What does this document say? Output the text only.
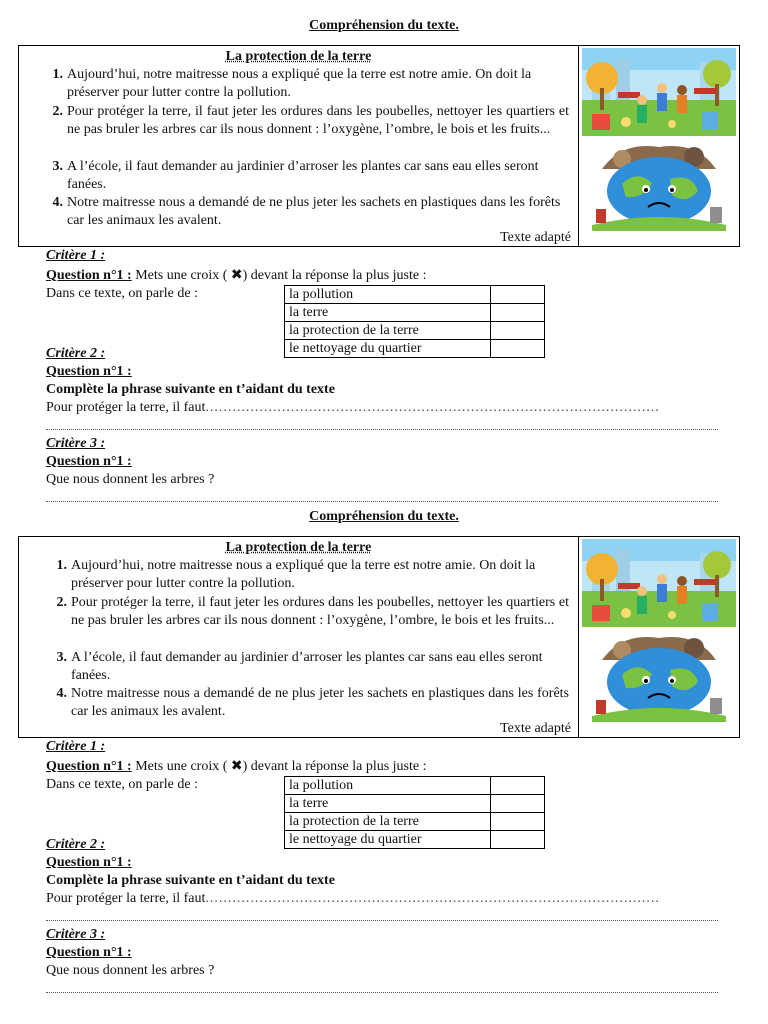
Compréhension du texte.
La protection de la terre
1. Aujourd’hui, notre maitresse nous a expliqué que la terre est notre amie. On doit la préserver pour lutter contre la pollution.
2. Pour protéger la terre, il faut jeter les ordures dans les poubelles, nettoyer les quartiers et ne pas bruler les arbres car ils nous donnent : l’oxygène, l’ombre, le bois et les fruits...
3. A l’école, il faut demander au jardinier d’arroser les plantes car sans eau elles seront fanées.
4. Notre maitresse nous a demandé de ne plus jeter les sachets en plastiques dans les forêts car les animaux les avalent.
Texte adapté
Critère 1 :
Question n°1 : Mets une croix ( ✖) devant la réponse la plus juste :
Dans ce texte, on parle de :	la pollution	
la terre	
la protection de la terre	
le nettoyage du quartier	
Critère 2 :
Question n°1 :
Complète la phrase suivante en t’aidant du texte
Pour protéger la terre, il faut.....................................................................................................
Critère 3 :
Question n°1 :
Que nous donnent les arbres ?
Compréhension du texte.
La protection de la terre
1. Aujourd’hui, notre maitresse nous a expliqué que la terre est notre amie. On doit la préserver pour lutter contre la pollution.
2. Pour protéger la terre, il faut jeter les ordures dans les poubelles, nettoyer les quartiers et ne pas bruler les arbres car ils nous donnent : l’oxygène, l’ombre, le bois et les fruits...
3. A l’école, il faut demander au jardinier d’arroser les plantes car sans eau elles seront fanées.
4. Notre maitresse nous a demandé de ne plus jeter les sachets en plastiques dans les forêts car les animaux les avalent.
Texte adapté
Critère 1 :
Question n°1 : Mets une croix ( ✖) devant la réponse la plus juste :
Dans ce texte, on parle de :	la pollution	
la terre	
la protection de la terre	
le nettoyage du quartier	
Critère 2 :
Question n°1 :
Complète la phrase suivante en t’aidant du texte
Pour protéger la terre, il faut.....................................................................................................
Critère 3 :
Question n°1 :
Que nous donnent les arbres ?
